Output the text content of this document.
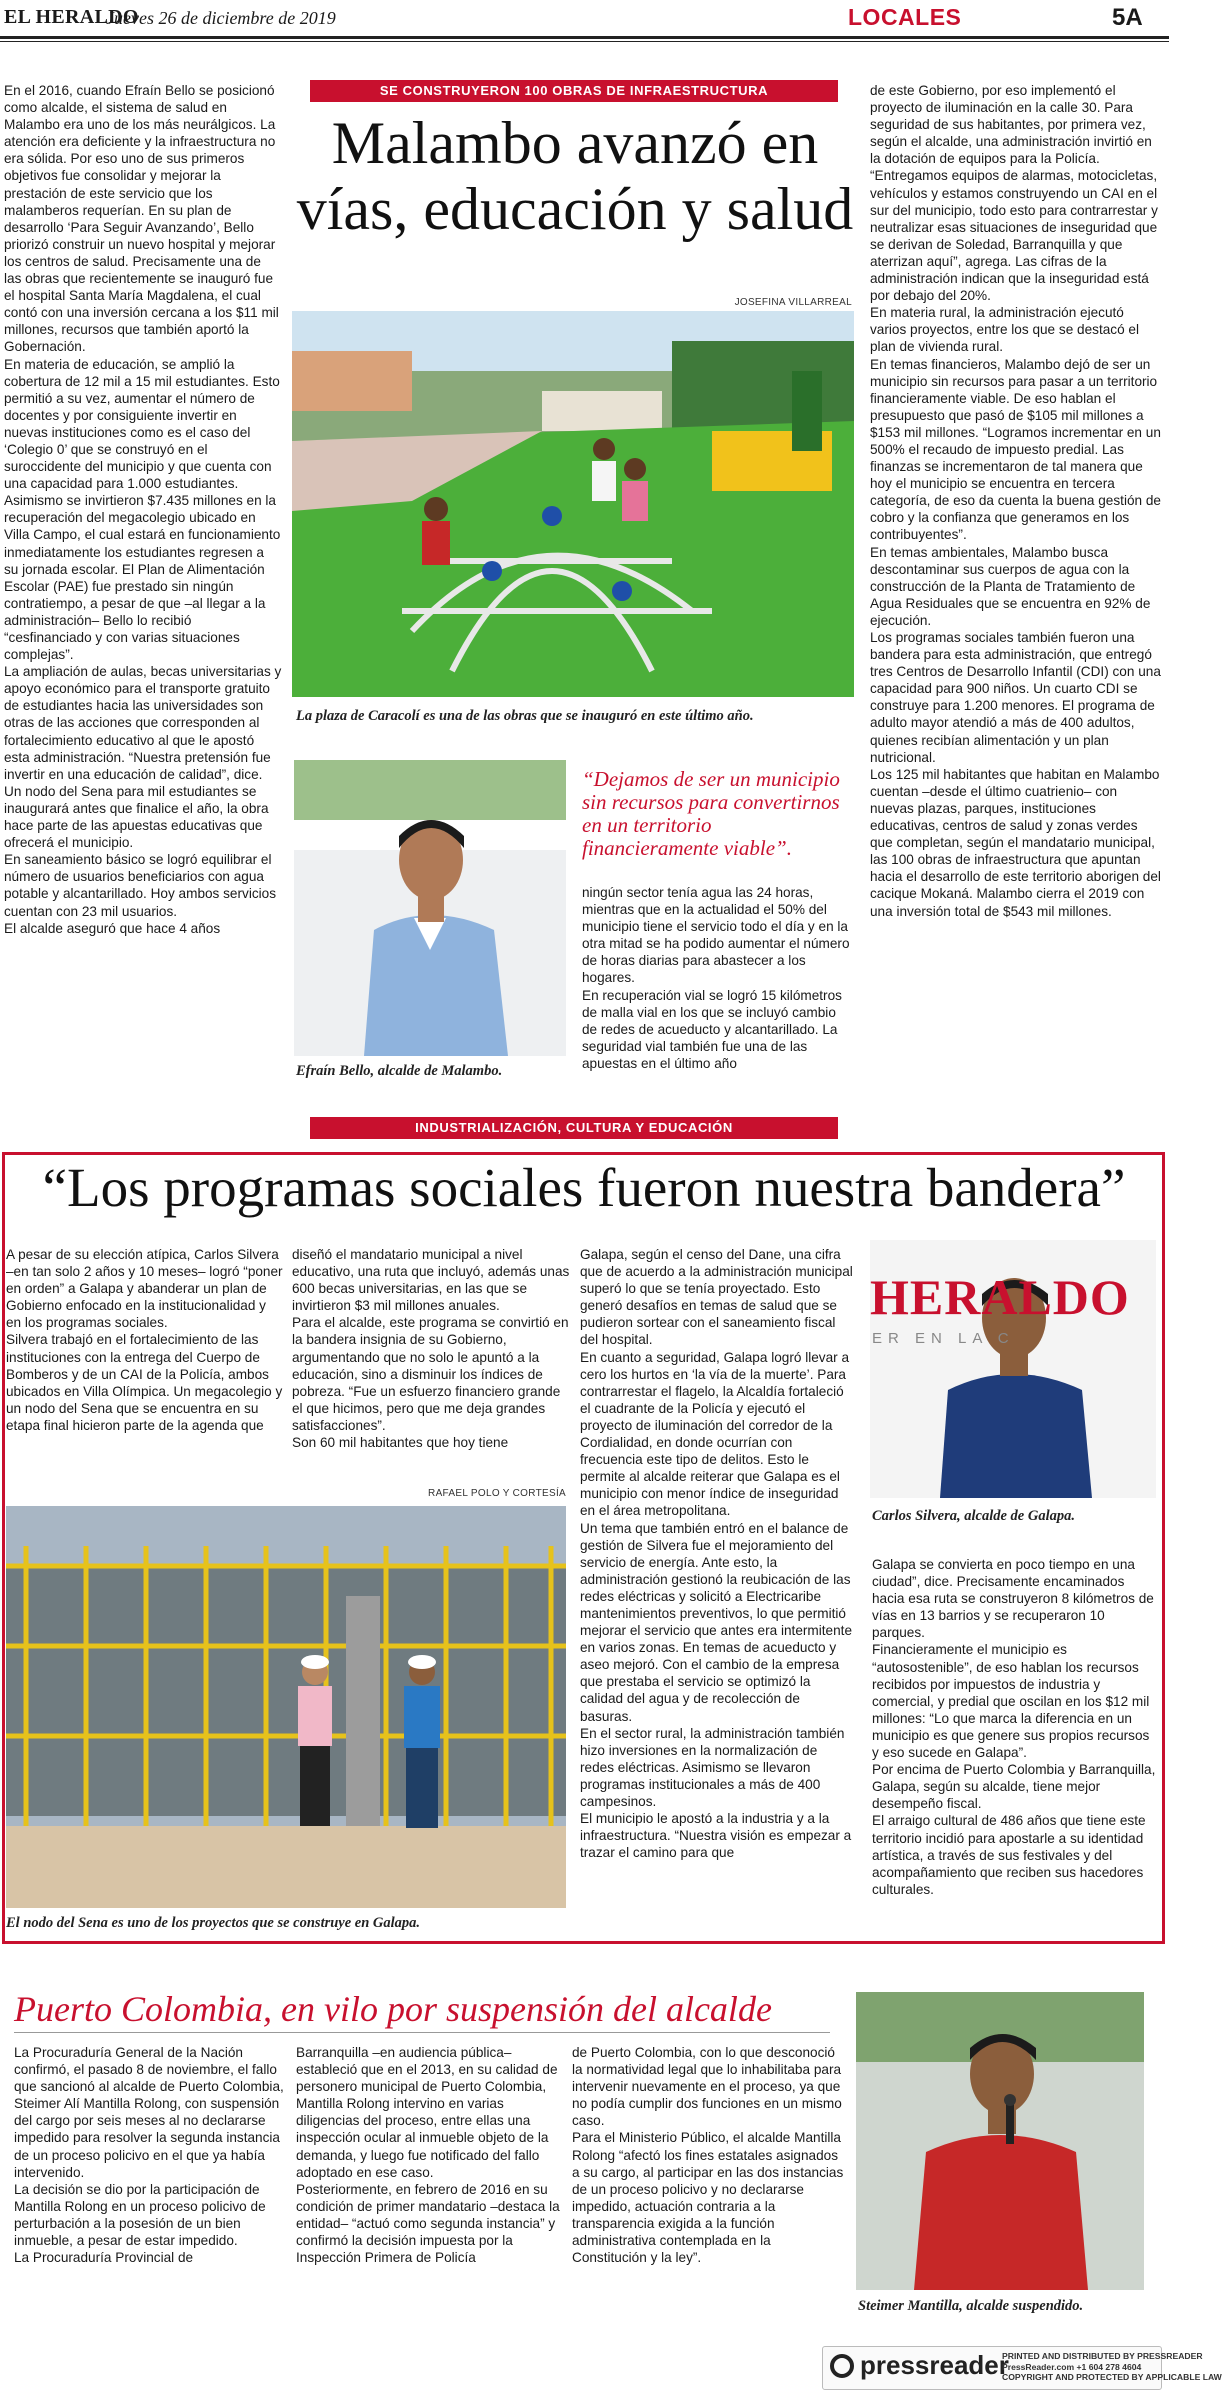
EL HERALDO
Jueves 26 de diciembre de 2019	LOCALES	5A
En el 2016, cuando Efraín Bello se posicionó como alcalde, el sistema de salud en Malambo era uno de los más neurálgicos. La atención era deficiente y la infraestructura no era sólida. Por eso uno de sus primeros objetivos fue consolidar y mejorar la prestación de este servicio que los malamberos requerían. En su plan de desarrollo ‘Para Seguir Avanzando’, Bello priorizó construir un nuevo hospital y mejorar los centros de salud. Precisamente una de las obras que recientemente se inauguró fue el hospital Santa María Magdalena, el cual contó con una inversión cercana a los $11 mil millones, recursos que también aportó la Gobernación.
En materia de educación, se amplió la cobertura de 12 mil a 15 mil estudiantes. Esto permitió a su vez, aumentar el número de docentes y por consiguiente invertir en nuevas instituciones como es el caso del ‘Colegio 0’ que se construyó en el suroccidente del municipio y que cuenta con una capacidad para 1.000 estudiantes.
Asimismo se invirtieron $7.435 millones en la recuperación del megacolegio ubicado en Villa Campo, el cual estará en funcionamiento inmediatamente los estudiantes regresen a su jornada escolar. El Plan de Alimentación Escolar (PAE) fue prestado sin ningún contratiempo, a pesar de que –al llegar a la administración– Bello lo recibió “cesfinanciado y con varias situaciones complejas”.
La ampliación de aulas, becas universitarias y apoyo económico para el transporte gratuito de estudiantes hacia las universidades son otras de las acciones que corresponden al fortalecimiento educativo al que le apostó esta administración. “Nuestra pretensión fue invertir en una educación de calidad”, dice.
Un nodo del Sena para mil estudiantes se inaugurará antes que finalice el año, la obra hace parte de las apuestas educativas que ofrecerá el municipio.
En saneamiento básico se logró equilibrar el número de usuarios beneficiarios con agua potable y alcantarillado. Hoy ambos servicios cuentan con 23 mil usuarios.
El alcalde aseguró que hace 4 años
SE CONSTRUYERON 100 OBRAS DE INFRAESTRUCTURA
Malambo avanzó en
vías, educación y salud
JOSEFINA VILLARREAL
La plaza de Caracolí es una de las obras que se inauguró en este último año.
Efraín Bello, alcalde de Malambo.
“Dejamos de ser un municipio sin recursos para convertirnos en un territorio financieramente viable”.
ningún sector tenía agua las 24 horas, mientras que en la actualidad el 50% del municipio tiene el servicio todo el día y en la otra mitad se ha podido aumentar el número de horas diarias para abastecer a los hogares.
En recuperación vial se logró 15 kilómetros de malla vial en los que se incluyó cambio de redes de acueducto y alcantarillado. La seguridad vial también fue una de las apuestas en el último año
de este Gobierno, por eso implementó el proyecto de iluminación en la calle 30. Para seguridad de sus habitantes, por primera vez, según el alcalde, una administración invirtió en la dotación de equipos para la Policía.
“Entregamos equipos de alarmas, motocicletas, vehículos y estamos construyendo un CAI en el sur del municipio, todo esto para contrarrestar y neutralizar esas situaciones de inseguridad que se derivan de Soledad, Barranquilla y que aterrizan aquí”, agrega. Las cifras de la administración indican que la inseguridad está por debajo del 20%.
En materia rural, la administración ejecutó varios proyectos, entre los que se destacó el plan de vivienda rural.
En temas financieros, Malambo dejó de ser un municipio sin recursos para pasar a un territorio financieramente viable. De eso hablan el presupuesto que pasó de $105 mil millones a $153 mil millones. “Logramos incrementar en un 500% el recaudo de impuesto predial. Las finanzas se incrementaron de tal manera que hoy el municipio se encuentra en tercera categoría, de eso da cuenta la buena gestión de cobro y la confianza que generamos en los contribuyentes”.
En temas ambientales, Malambo busca descontaminar sus cuerpos de agua con la construcción de la Planta de Tratamiento de Agua Residuales que se encuentra en 92% de ejecución.
Los programas sociales también fueron una bandera para esta administración, que entregó tres Centros de Desarrollo Infantil (CDI) con una capacidad para 900 niños. Un cuarto CDI se construye para 1.200 menores. El programa de adulto mayor atendió a más de 400 adultos, quienes recibían alimentación y un plan nutricional.
Los 125 mil habitantes que habitan en Malambo cuentan –desde el último cuatrienio– con nuevas plazas, parques, instituciones educativas, centros de salud y zonas verdes que completan, según el mandatario municipal, las 100 obras de infraestructura que apuntan hacia el desarrollo de este territorio aborigen del cacique Mokaná. Malambo cierra el 2019 con una inversión total de $543 mil millones.
INDUSTRIALIZACIÓN, CULTURA Y EDUCACIÓN
“Los programas sociales fueron nuestra bandera”
A pesar de su elección atípica, Carlos Silvera –en tan solo 2 años y 10 meses– logró “poner en orden” a Galapa y abanderar un plan de Gobierno enfocado en la institucionalidad y en los programas sociales.
Silvera trabajó en el fortalecimiento de las instituciones con la entrega del Cuerpo de Bomberos y de un CAI de la Policía, ambos ubicados en Villa Olímpica. Un megacolegio y un nodo del Sena que se encuentra en su etapa final hicieron parte de la agenda que
diseñó el mandatario municipal a nivel educativo, una ruta que incluyó, además unas 600 becas universitarias, en las que se invirtieron $3 mil millones anuales.
Para el alcalde, este programa se convirtió en la bandera insignia de su Gobierno, argumentando que no solo le apuntó a la educación, sino a disminuir los índices de pobreza. “Fue un esfuerzo financiero grande el que hicimos, pero que me deja grandes satisfacciones”.
Son 60 mil habitantes que hoy tiene
RAFAEL POLO Y CORTESÍA
El nodo del Sena es uno de los proyectos que se construye en Galapa.
Galapa, según el censo del Dane, una cifra que de acuerdo a la administración municipal superó lo que se tenía proyectado. Esto generó desafíos en temas de salud que se pudieron sortear con el saneamiento fiscal del hospital.
En cuanto a seguridad, Galapa logró llevar a cero los hurtos en ‘la vía de la muerte’. Para contrarrestar el flagelo, la Alcaldía fortaleció el cuadrante de la Policía y ejecutó el proyecto de iluminación del corredor de la Cordialidad, en donde ocurrían con frecuencia este tipo de delitos. Esto le permite al alcalde reiterar que Galapa es el municipio con menor índice de inseguridad en el área metropolitana.
Un tema que también entró en el balance de gestión de Silvera fue el mejoramiento del servicio de energía. Ante esto, la administración gestionó la reubicación de las redes eléctricas y solicitó a Electricaribe mantenimientos preventivos, lo que permitió mejorar el servicio que antes era intermitente en varios zonas. En temas de acueducto y aseo mejoró. Con el cambio de la empresa que prestaba el servicio se optimizó la calidad del agua y de recolección de basuras.
En el sector rural, la administración también hizo inversiones en la normalización de redes eléctricas. Asimismo se llevaron programas institucionales a más de 400 campesinos.
El municipio le apostó a la industria y a la infraestructura. “Nuestra visión es empezar a trazar el camino para que
HERALDO
ER EN LA C
Carlos Silvera, alcalde de Galapa.
Galapa se convierta en poco tiempo en una ciudad”, dice. Precisamente encaminados hacia esa ruta se construyeron 8 kilómetros de vías en 13 barrios y se recuperaron 10 parques.
Financieramente el municipio es “autosostenible”, de eso hablan los recursos recibidos por impuestos de industria y comercial, y predial que oscilan en los $12 mil millones: “Lo que marca la diferencia en un municipio es que genere sus propios recursos y eso sucede en Galapa”.
Por encima de Puerto Colombia y Barranquilla, Galapa, según su alcalde, tiene mejor desempeño fiscal.
El arraigo cultural de 486 años que tiene este territorio incidió para apostarle a su identidad artística, a través de sus festivales y del acompañamiento que reciben sus hacedores culturales.
Puerto Colombia, en vilo por suspensión del alcalde
La Procuraduría General de la Nación confirmó, el pasado 8 de noviembre, el fallo que sancionó al alcalde de Puerto Colombia, Steimer Alí Mantilla Rolong, con suspensión del cargo por seis meses al no declararse impedido para resolver la segunda instancia de un proceso policivo en el que ya había intervenido.
La decisión se dio por la participación de Mantilla Rolong en un proceso policivo de perturbación a la posesión de un bien inmueble, a pesar de estar impedido.
La Procuraduría Provincial de
Barranquilla –en audiencia pública– estableció que en el 2013, en su calidad de personero municipal de Puerto Colombia, Mantilla Rolong intervino en varias diligencias del proceso, entre ellas una inspección ocular al inmueble objeto de la demanda, y luego fue notificado del fallo adoptado en ese caso.
Posteriormente, en febrero de 2016 en su condición de primer mandatario –destaca la entidad– “actuó como segunda instancia” y confirmó la decisión impuesta por la Inspección Primera de Policía
de Puerto Colombia, con lo que desconoció la normatividad legal que lo inhabilitaba para intervenir nuevamente en el proceso, ya que no podía cumplir dos funciones en un mismo caso.
Para el Ministerio Público, el alcalde Mantilla Rolong “afectó los fines estatales asignados a su cargo, al participar en las dos instancias de un proceso policivo y no declararse impedido, actuación contraria a la transparencia exigida a la función administrativa contemplada en la Constitución y la ley”.
Steimer Mantilla, alcalde suspendido.
pressreader
PRINTED AND DISTRIBUTED BY PRESSREADER
PressReader.com +1 604 278 4604
COPYRIGHT AND PROTECTED BY APPLICABLE LAW
